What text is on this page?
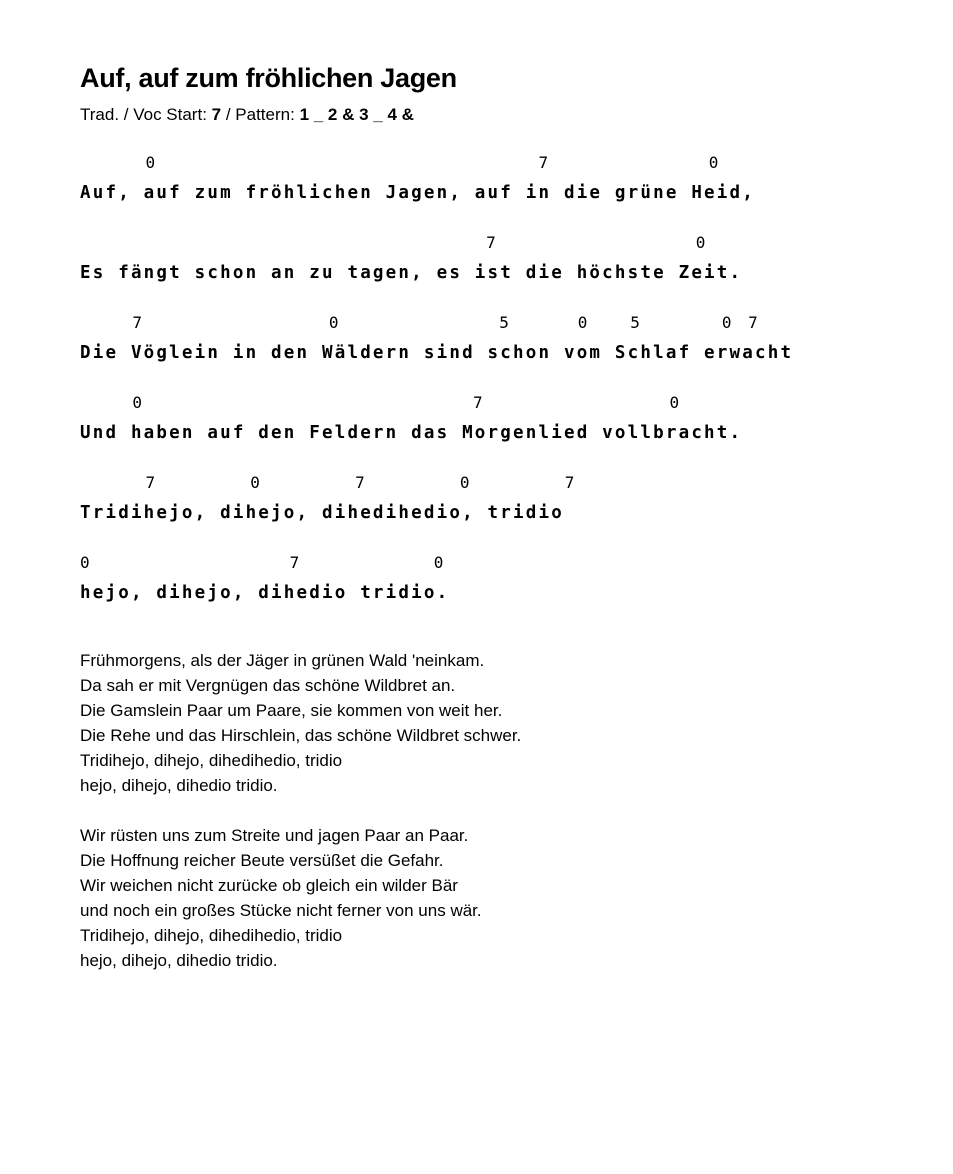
Auf, auf zum fröhlichen Jagen
Trad. / Voc Start: 7 / Pattern: 1 _ 2 & 3 _ 4 &
0	7	0
Auf, auf zum fröhlichen Jagen, auf in die grüne Heid,
7	0
Es fängt schon an zu tagen, es ist die höchste Zeit.
7	0	5	0	5	0 7
Die Vöglein in den Wäldern sind schon vom Schlaf erwacht
0	7	0
Und haben auf den Feldern das Morgenlied vollbracht.
7	0	7	0	7
Tridihejo, dihejo, dihedihedio, tridio
0	7	0
hejo, dihejo, dihedio tridio.
Frühmorgens, als der Jäger in grünen Wald 'neinkam.
Da sah er mit Vergnügen das schöne Wildbret an.
Die Gamslein Paar um Paare, sie kommen von weit her.
Die Rehe und das Hirschlein, das schöne Wildbret schwer.
Tridihejo, dihejo, dihedihedio, tridio
hejo, dihejo, dihedio tridio.
Wir rüsten uns zum Streite und jagen Paar an Paar.
Die Hoffnung reicher Beute versüßet die Gefahr.
Wir weichen nicht zurücke ob gleich ein wilder Bär
und noch ein großes Stücke nicht ferner von uns wär.
Tridihejo, dihejo, dihedihedio, tridio
hejo, dihejo, dihedio tridio.
